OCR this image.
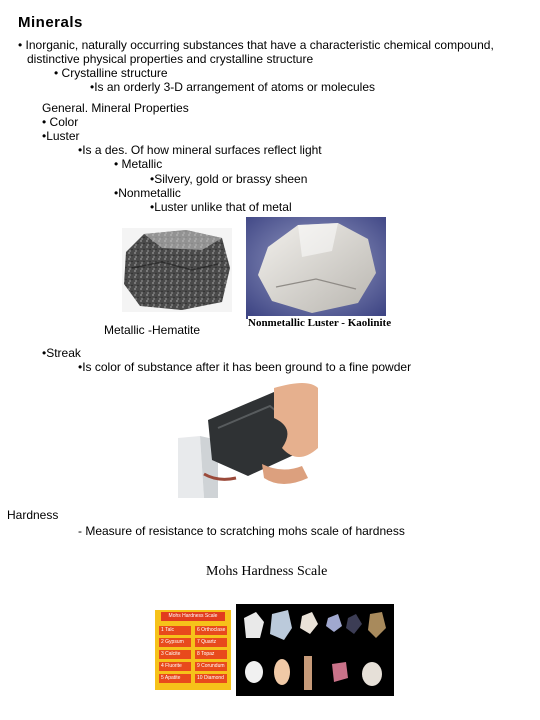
Minerals
• Inorganic, naturally occurring substances that have a characteristic chemical compound,
distinctive physical properties and crystalline structure
• Crystalline structure
•Is an orderly 3-D arrangement of atoms or molecules
General. Mineral Properties
• Color
•Luster
•Is a des. Of how mineral surfaces reflect light
• Metallic
•Silvery, gold or brassy sheen
•Nonmetallic
•Luster unlike that of metal
Nonmetallic Luster - Kaolinite
Metallic -Hematite
•Streak
•Is color of substance after it has been ground to a fine powder
Hardness
- Measure of resistance to scratching mohs scale of hardness
Mohs Hardness Scale
Mohs Hardness Scale
1 Talc
2 Gypsum
3 Calcite
4 Fluorite
5 Apatite
6 Orthoclase
7 Quartz
8 Topaz
9 Corundum
10 Diamond
